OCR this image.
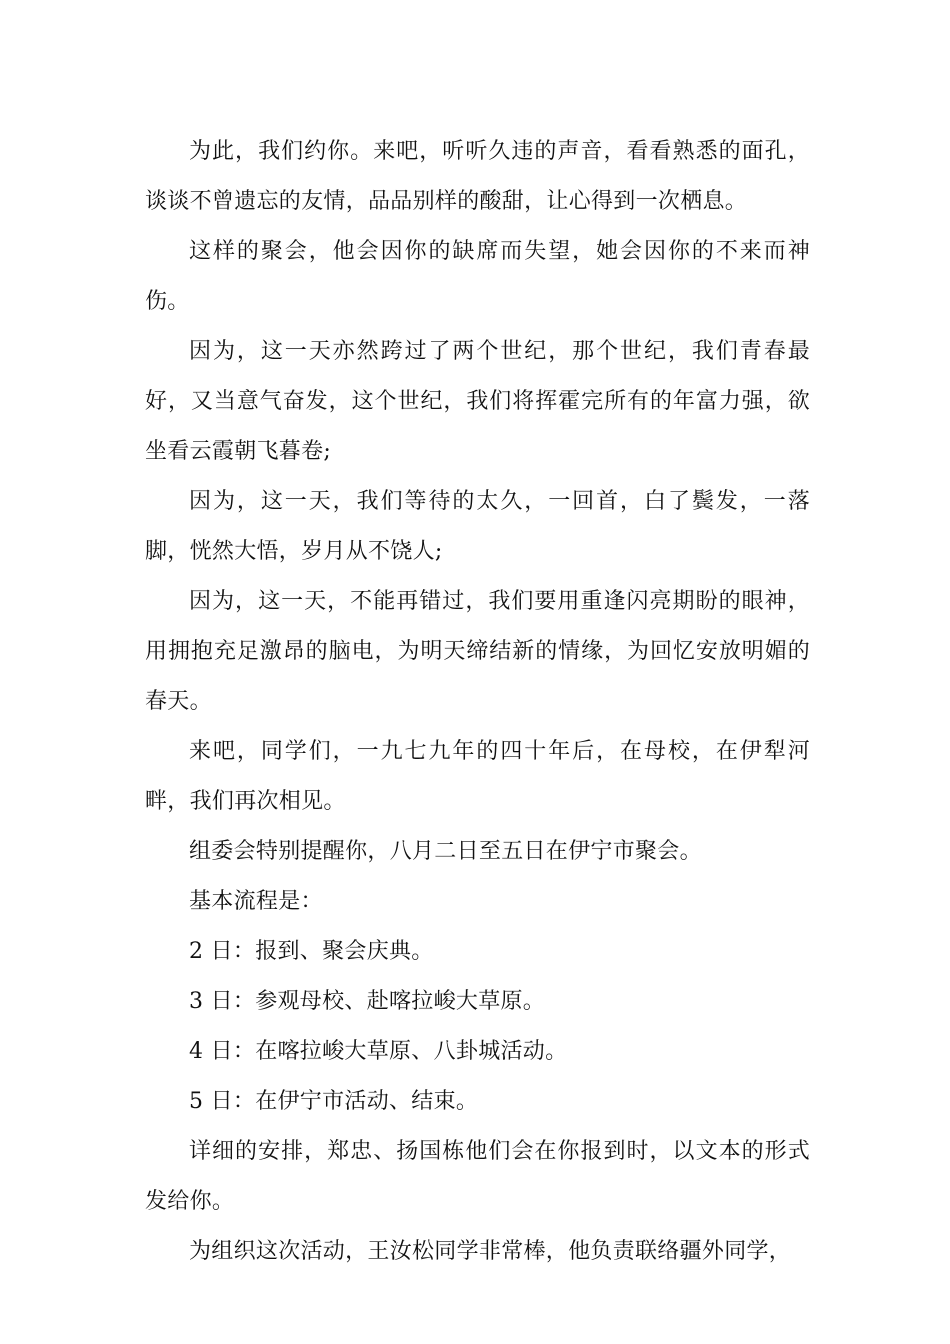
为此，我们约你。来吧，听听久违的声音，看看熟悉的面孔，谈谈不曾遗忘的友情，品品别样的酸甜，让心得到一次栖息。

这样的聚会，他会因你的缺席而失望，她会因你的不来而神伤。

因为，这一天亦然跨过了两个世纪，那个世纪，我们青春最好，又当意气奋发，这个世纪，我们将挥霍完所有的年富力强，欲坐看云霞朝飞暮卷;

因为，这一天，我们等待的太久，一回首，白了鬓发，一落脚，恍然大悟，岁月从不饶人;

因为，这一天，不能再错过，我们要用重逢闪亮期盼的眼神，用拥抱充足激昂的脑电，为明天缔结新的情缘，为回忆安放明媚的春天。

来吧，同学们，一九七九年的四十年后，在母校，在伊犁河畔，我们再次相见。

组委会特别提醒你，八月二日至五日在伊宁市聚会。

基本流程是：

2 日：报到、聚会庆典。

3 日：参观母校、赴喀拉峻大草原。

4 日：在喀拉峻大草原、八卦城活动。

5 日：在伊宁市活动、结束。

详细的安排，郑忠、扬国栋他们会在你报到时，以文本的形式发给你。

为组织这次活动，王汝松同学非常棒，他负责联络疆外同学，
